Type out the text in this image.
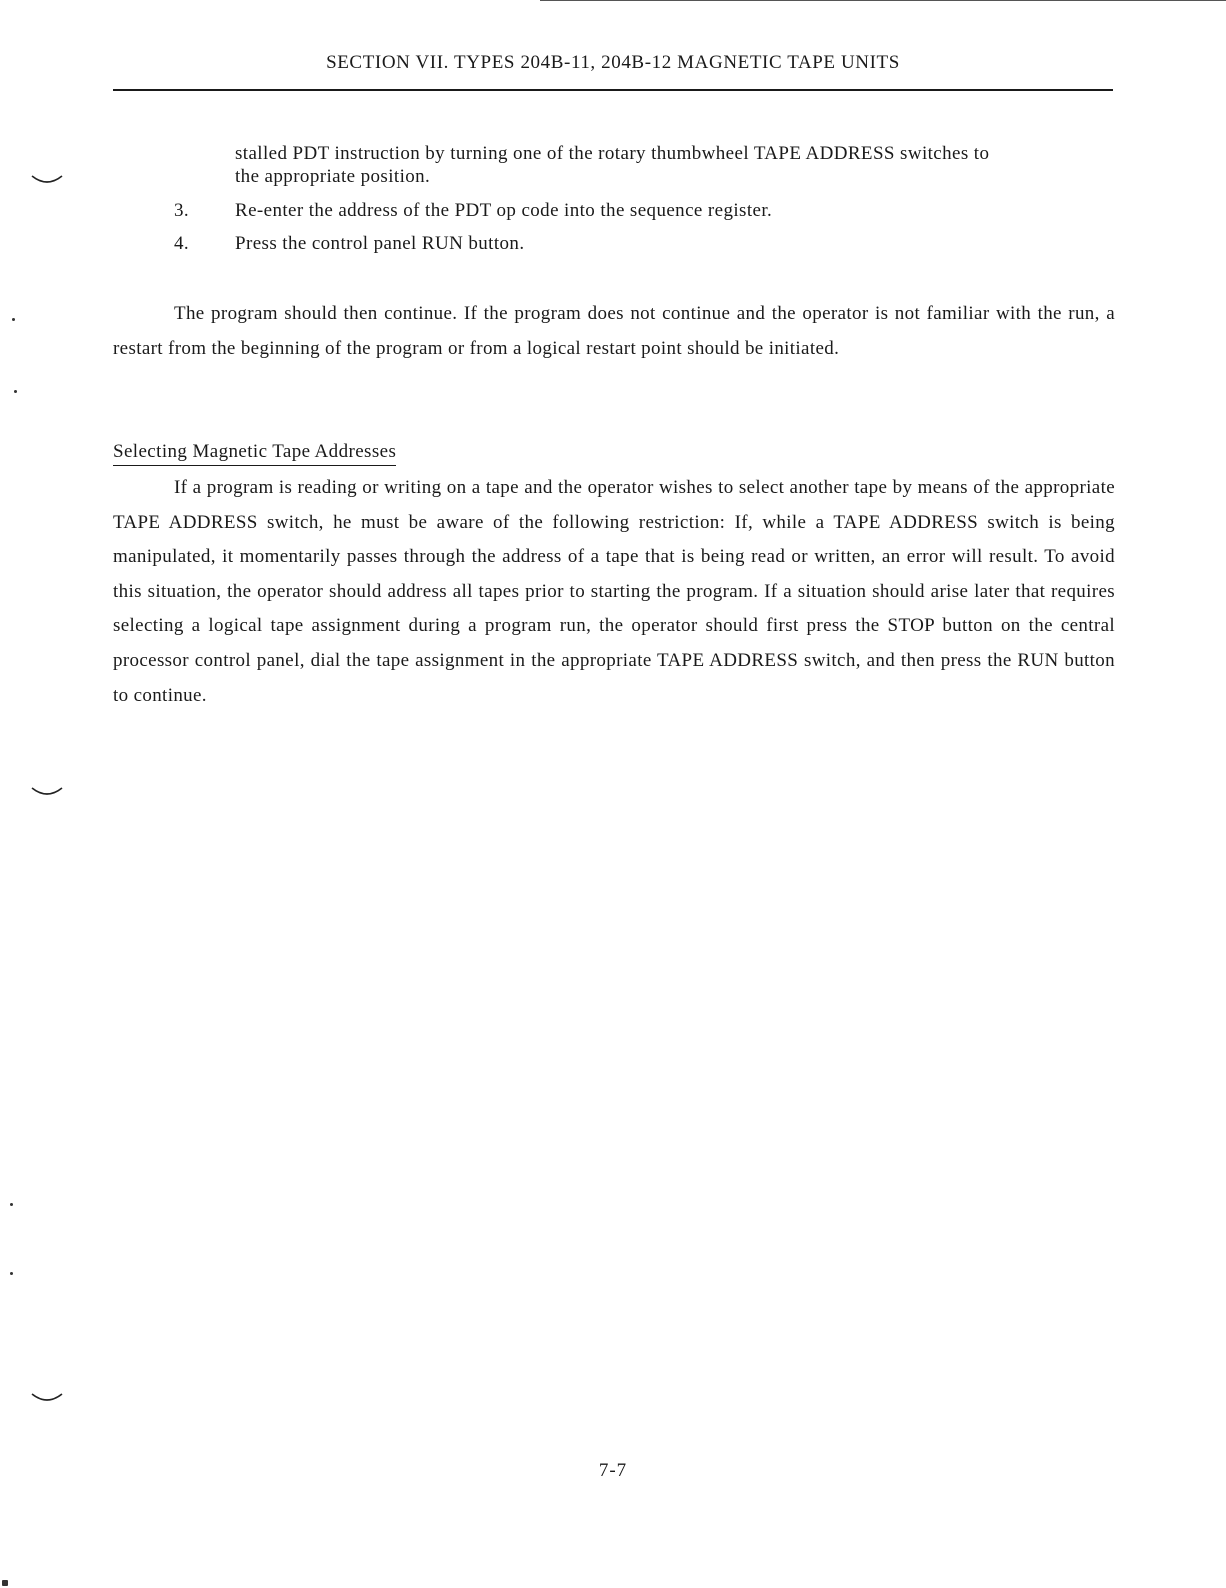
SECTION VII. TYPES 204B-11, 204B-12 MAGNETIC TAPE UNITS
stalled PDT instruction by turning one of the rotary thumbwheel TAPE ADDRESS switches to the appropriate position.
3. Re-enter the address of the PDT op code into the sequence register.
4. Press the control panel RUN button.

The program should then continue. If the program does not continue and the operator is not familiar with the run, a restart from the beginning of the program or from a logical restart point should be initiated.

Selecting Magnetic Tape Addresses

If a program is reading or writing on a tape and the operator wishes to select another tape by means of the appropriate TAPE ADDRESS switch, he must be aware of the following restriction: If, while a TAPE ADDRESS switch is being manipulated, it momentarily passes through the address of a tape that is being read or written, an error will result. To avoid this situation, the operator should address all tapes prior to starting the program. If a situation should arise later that requires selecting a logical tape assignment during a program run, the operator should first press the STOP button on the central processor control panel, dial the tape assignment in the appropriate TAPE ADDRESS switch, and then press the RUN button to continue.

7-7
